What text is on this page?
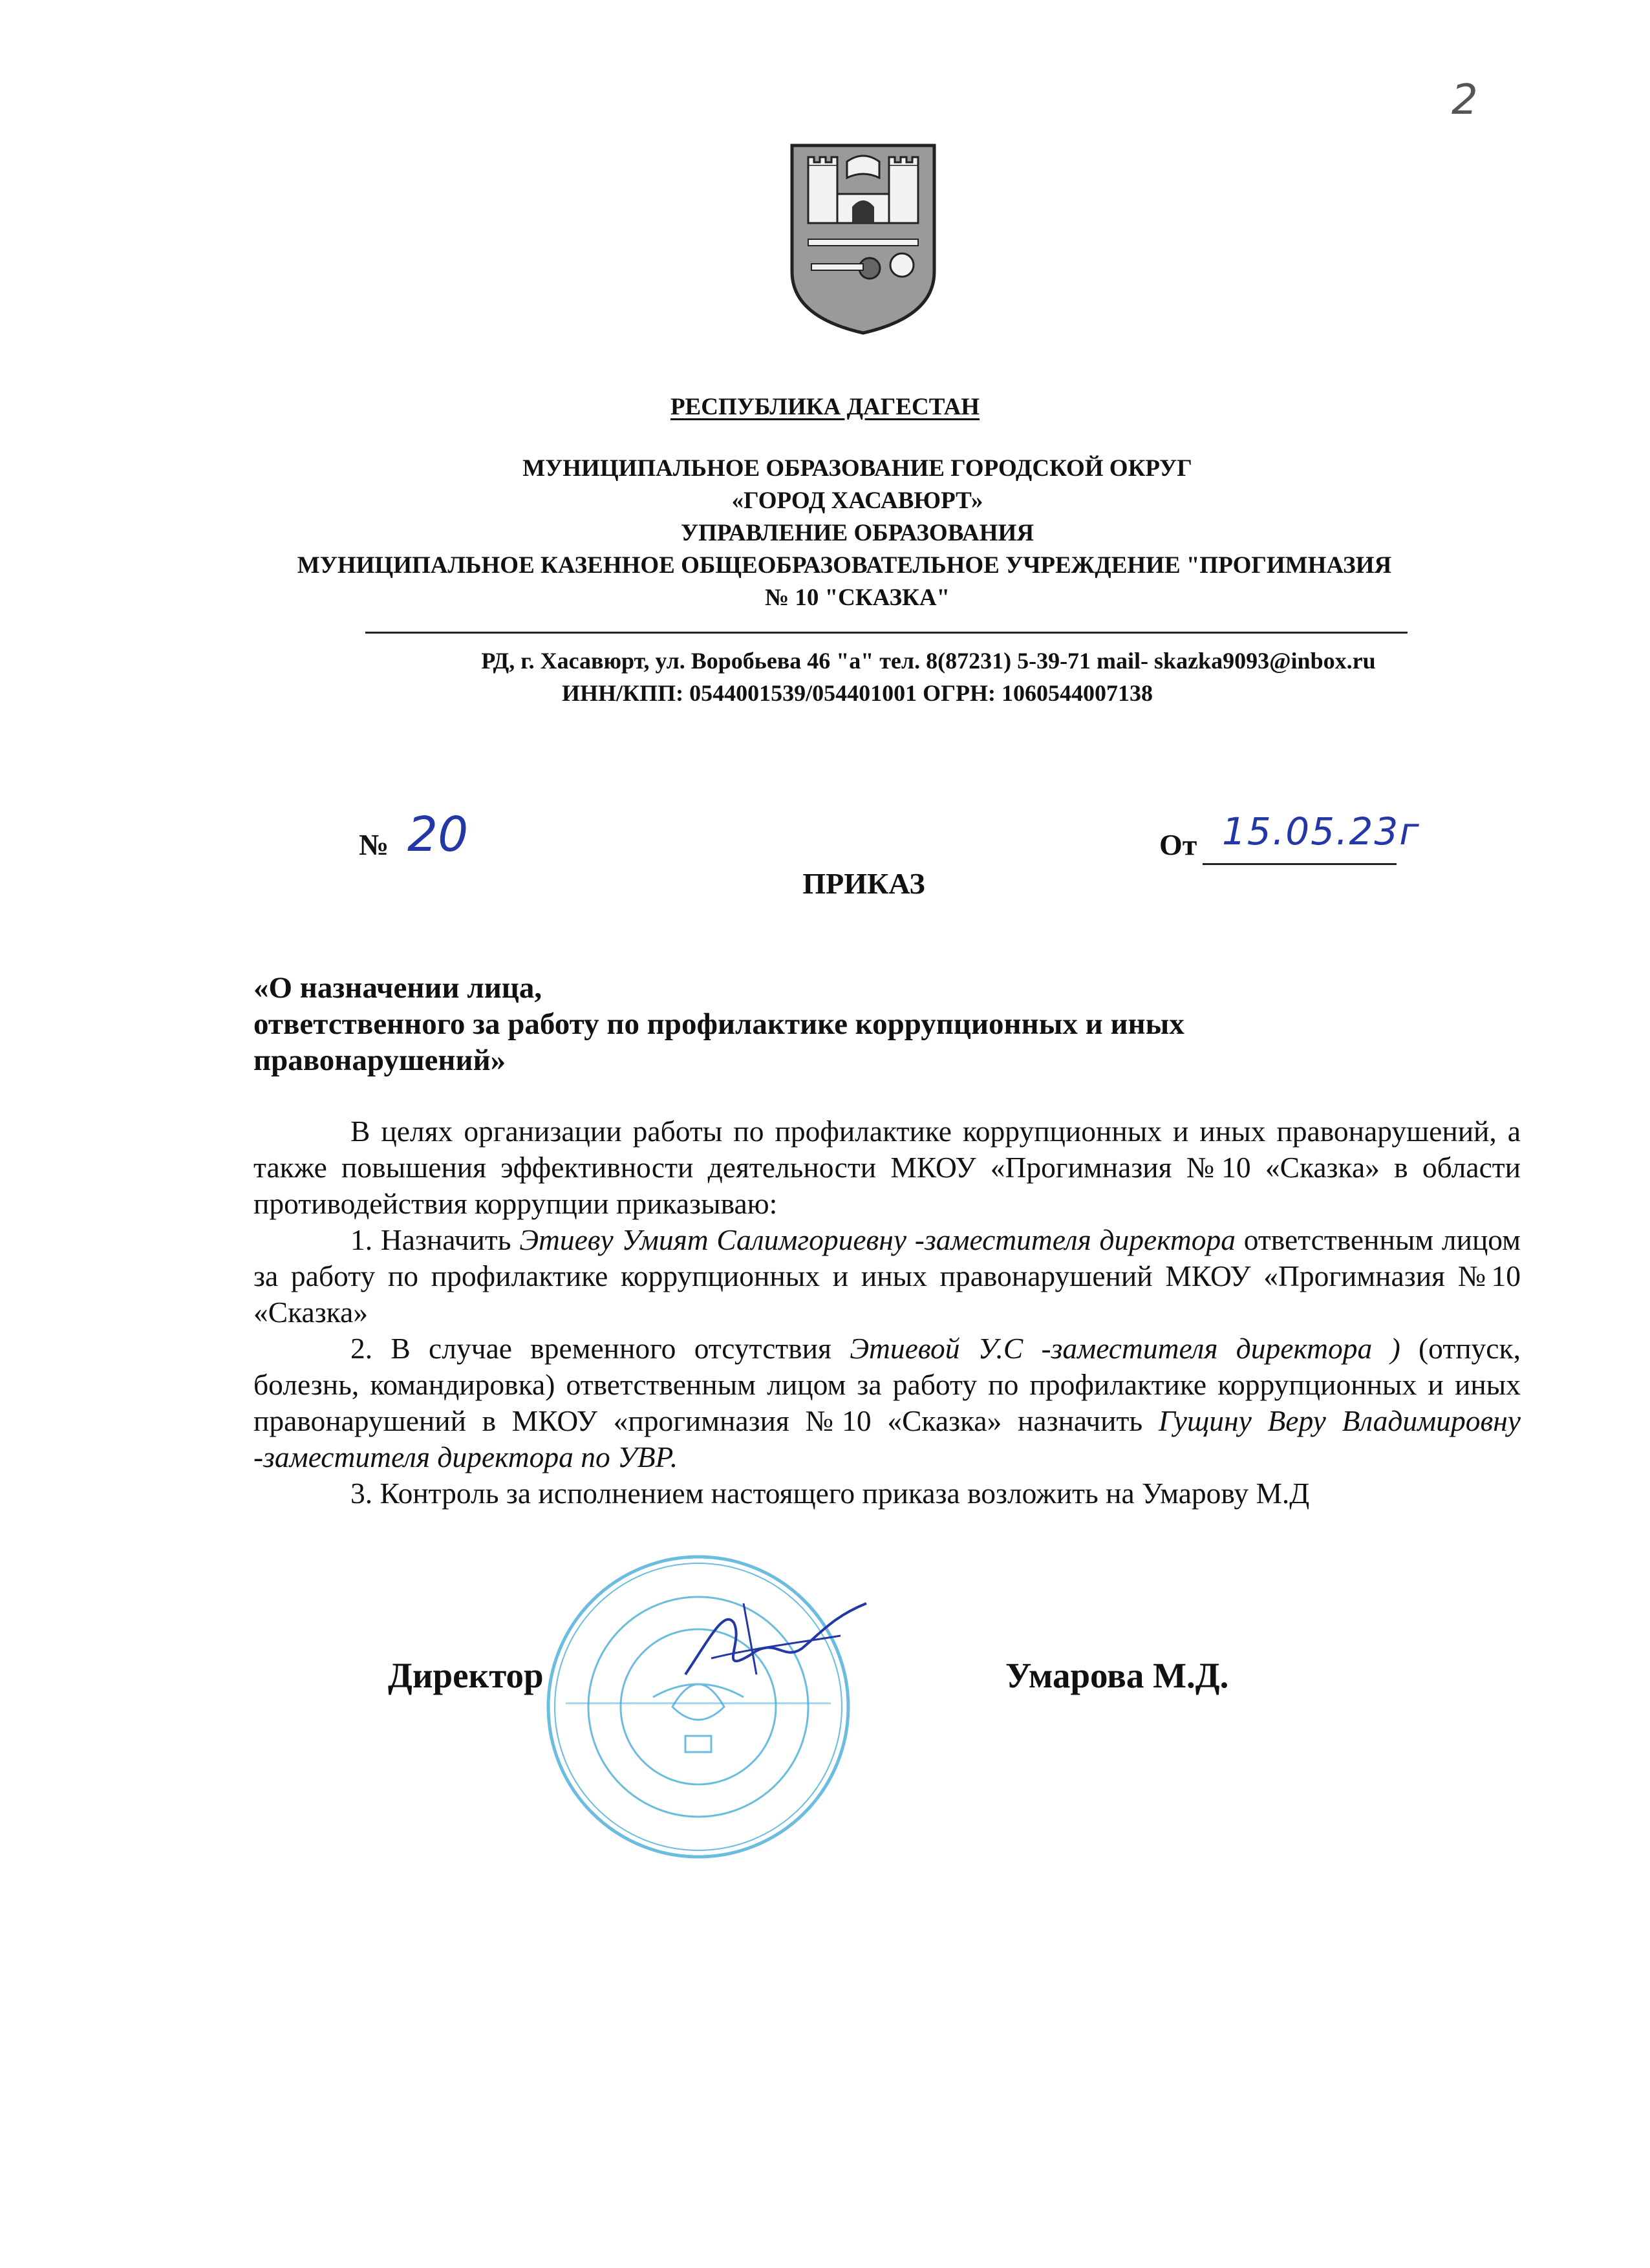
2
РЕСПУБЛИКА ДАГЕСТАН
МУНИЦИПАЛЬНОЕ ОБРАЗОВАНИЕ ГОРОДСКОЙ ОКРУГ
«ГОРОД ХАСАВЮРТ»
УПРАВЛЕНИЕ ОБРАЗОВАНИЯ
МУНИЦИПАЛЬНОЕ КАЗЕННОЕ ОБЩЕОБРАЗОВАТЕЛЬНОЕ УЧРЕЖДЕНИЕ "ПРОГИМНАЗИЯ
№ 10 "СКАЗКА"
РД, г. Хасавюрт, ул. Воробьева 46 "а" тел. 8(87231) 5-39-71 mail- skazka9093@inbox.ru
ИНН/КПП: 0544001539/054401001 ОГРН: 1060544007138
№ 20	От 15.05.23г
ПРИКАЗ
«О назначении лица,
ответственного за работу по профилактике коррупционных и иных
правонарушений»

В целях организации работы по профилактике коррупционных и иных правонарушений, а также повышения эффективности деятельности МКОУ «Прогимназия №10 «Сказка» в области противодействия коррупции приказываю:

1. Назначить Этиеву Умият Салимгориевну -заместителя директора ответственным лицом за работу по профилактике коррупционных и иных правонарушений МКОУ «Прогимназия №10 «Сказка»

2. В случае временного отсутствия Этиевой У.С -заместителя директора ) (отпуск, болезнь, командировка) ответственным лицом за работу по профилактике коррупционных и иных правонарушений в МКОУ «прогимназия №10 «Сказка» назначить Гущину Веру Владимировну -заместителя директора по УВР.

3. Контроль за исполнением настоящего приказа возложить на Умарову М.Д

Директор	Умарова М.Д.
